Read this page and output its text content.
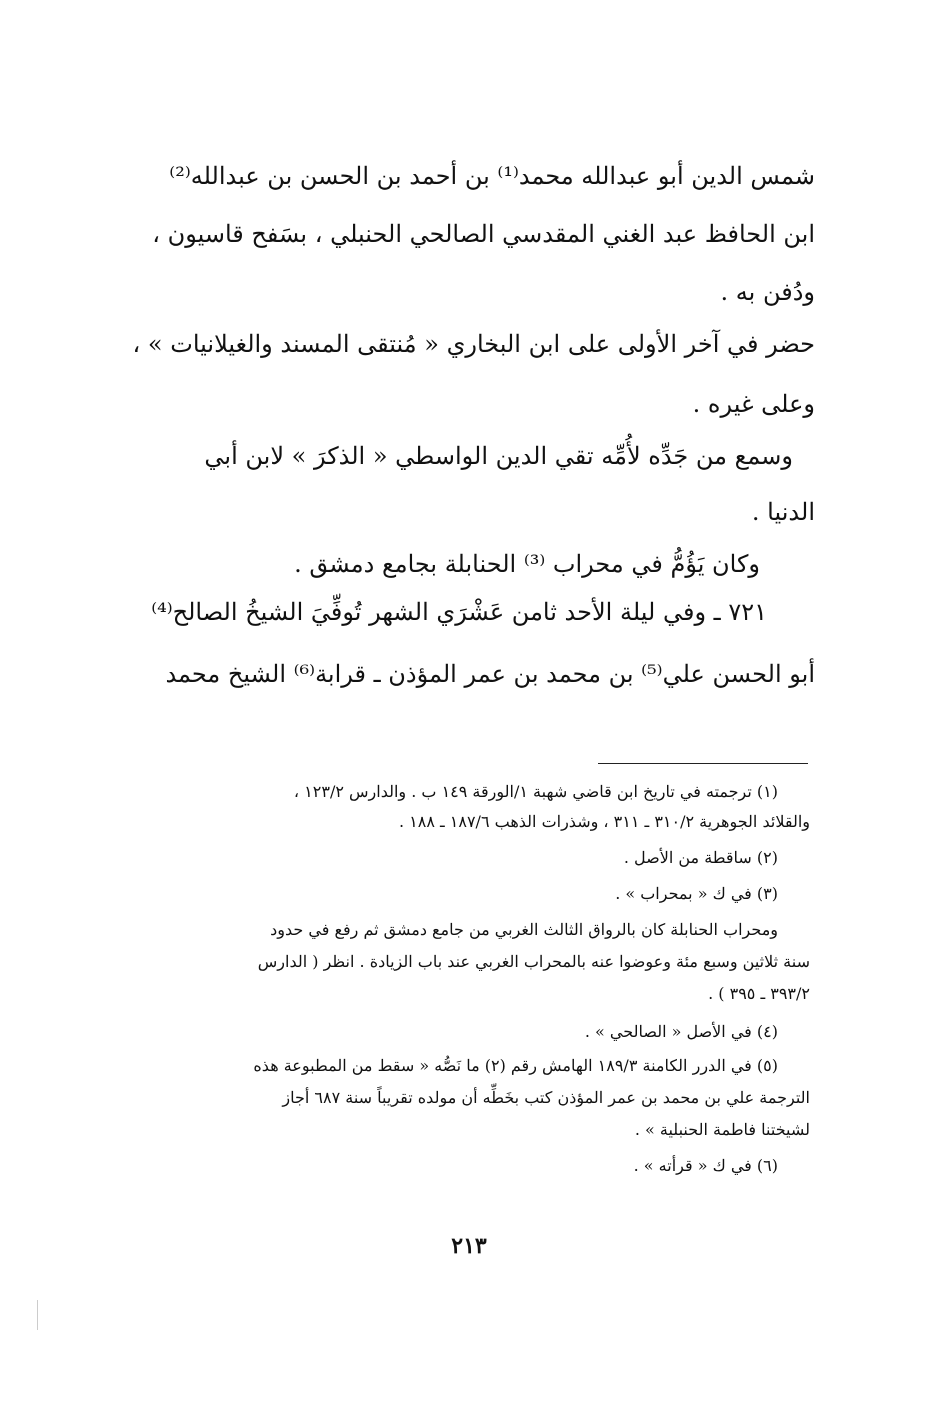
شمس الدين أبو عبدالله محمد⁽¹⁾ بن أحمد بن الحسن بن عبدالله⁽²⁾
ابن الحافظ عبد الغني المقدسي الصالحي الحنبلي ، بسَفح قاسيون ،
ودُفن به .
حضر في آخر الأولى على ابن البخاري « مُنتقى المسند والغيلانيات » ،
وعلى غيره .
وسمع من جَدِّه لأُمِّه تقي الدين الواسطي « الذكرَ » لابن أبي
الدنيا .
وكان يَؤُمُّ في محراب ⁽³⁾ الحنابلة بجامع دمشق .
٧٢١ ـ وفي ليلة الأحد ثامن عَشْرَي الشهر تُوفِّيَ الشيخُ الصالح⁽⁴⁾
أبو الحسن علي⁽⁵⁾ بن محمد بن عمر المؤذن ـ قرابة⁽⁶⁾ الشيخ محمد
(١) ترجمته في تاريخ ابن قاضي شهبة ١/الورقة ١٤٩ ب . والدارس ١٢٣/٢ ،
والقلائد الجوهرية ٣١٠/٢ ـ ٣١١ ، وشذرات الذهب ١٨٧/٦ ـ ١٨٨ .
(٢) ساقطة من الأصل .
(٣) في ك « بمحراب » .
ومحراب الحنابلة كان بالرواق الثالث الغربي من جامع دمشق ثم رفع في حدود
سنة ثلاثين وسبع مئة وعوضوا عنه بالمحراب الغربي عند باب الزيادة . انظر ( الدارس
٣٩٣/٢ ـ ٣٩٥ ) .
(٤) في الأصل « الصالحي » .
(٥) في الدرر الكامنة ١٨٩/٣ الهامش رقم (٢) ما نَصُّه « سقط من المطبوعة هذه
الترجمة علي بن محمد بن عمر المؤذن كتب بخَطِّه أن مولده تقريباً سنة ٦٨٧ أجاز
لشيختنا فاطمة الحنبلية » .
(٦) في ك « قرأته » .
٢١٣
